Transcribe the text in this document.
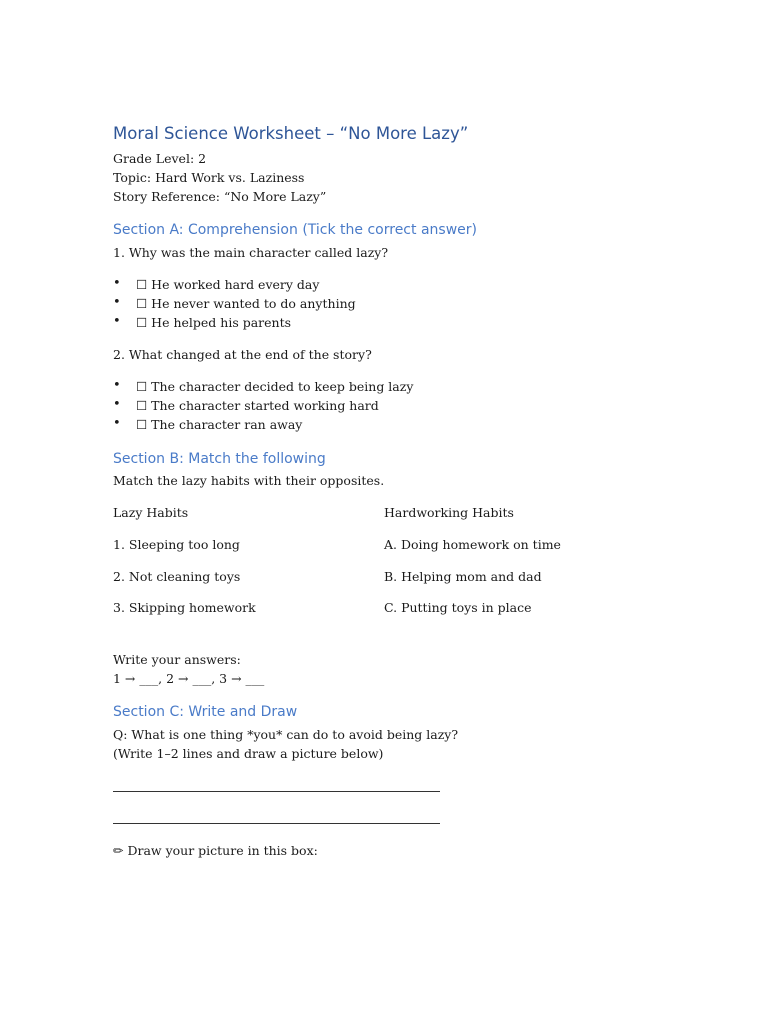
Moral Science Worksheet – “No More Lazy”
Grade Level: 2
Topic: Hard Work vs. Laziness
Story Reference: “No More Lazy”
Section A: Comprehension (Tick the correct answer)
1. Why was the main character called lazy?
• ☐ He worked hard every day
• ☐ He never wanted to do anything
• ☐ He helped his parents
2. What changed at the end of the story?
• ☐ The character decided to keep being lazy
• ☐ The character started working hard
• ☐ The character ran away
Section B: Match the following
Match the lazy habits with their opposites.
Lazy Habits	Hardworking Habits
1. Sleeping too long	A. Doing homework on time
2. Not cleaning toys	B. Helping mom and dad
3. Skipping homework	C. Putting toys in place
Write your answers:
1 → ___, 2 → ___, 3 → ___
Section C: Write and Draw
Q: What is one thing *you* can do to avoid being lazy?
(Write 1–2 lines and draw a picture below)
✏ Draw your picture in this box:
